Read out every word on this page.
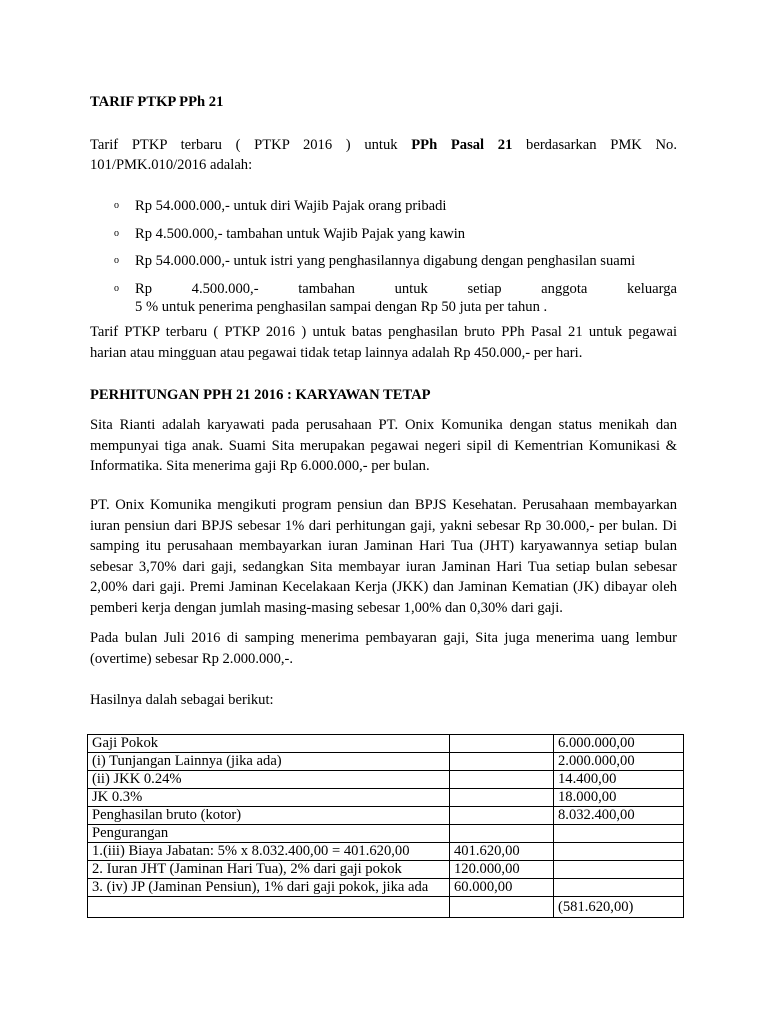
TARIF PTKP PPh 21
Tarif PTKP terbaru ( PTKP 2016 ) untuk PPh Pasal 21 berdasarkan PMK No.
101/PMK.010/2016 adalah:
o Rp 54.000.000,- untuk diri Wajib Pajak orang pribadi
o Rp 4.500.000,- tambahan untuk Wajib Pajak yang kawin
o Rp 54.000.000,- untuk istri yang penghasilannya digabung dengan penghasilan suami
o Rp 4.500.000,- tambahan untuk setiap anggota keluarga
5 % untuk penerima penghasilan sampai dengan Rp 50 juta per tahun .
Tarif PTKP terbaru ( PTKP 2016 ) untuk batas penghasilan bruto PPh Pasal 21 untuk pegawai harian atau mingguan atau pegawai tidak tetap lainnya adalah Rp 450.000,- per hari.
PERHITUNGAN PPH 21 2016 : KARYAWAN TETAP
Sita Rianti adalah karyawati pada perusahaan PT. Onix Komunika dengan status menikah dan mempunyai tiga anak. Suami Sita merupakan pegawai negeri sipil di Kementrian Komunikasi & Informatika. Sita menerima gaji Rp 6.000.000,- per bulan.
PT. Onix Komunika mengikuti program pensiun dan BPJS Kesehatan. Perusahaan membayarkan iuran pensiun dari BPJS sebesar 1% dari perhitungan gaji, yakni sebesar Rp 30.000,- per bulan. Di samping itu perusahaan membayarkan iuran Jaminan Hari Tua (JHT) karyawannya setiap bulan sebesar 3,70% dari gaji, sedangkan Sita membayar iuran Jaminan Hari Tua setiap bulan sebesar 2,00% dari gaji. Premi Jaminan Kecelakaan Kerja (JKK) dan Jaminan Kematian (JK) dibayar oleh pemberi kerja dengan jumlah masing-masing sebesar 1,00% dan 0,30% dari gaji.
Pada bulan Juli 2016 di samping menerima pembayaran gaji, Sita juga menerima uang lembur (overtime) sebesar Rp 2.000.000,-.
Hasilnya dalah sebagai berikut:
Gaji Pokok		6.000.000,00
(i) Tunjangan Lainnya (jika ada)		2.000.000,00
(ii) JKK 0.24%		14.400,00
JK 0.3%		18.000,00
Penghasilan bruto (kotor)		8.032.400,00
Pengurangan		
1.(iii) Biaya Jabatan: 5% x 8.032.400,00 = 401.620,00	401.620,00	
2. Iuran JHT (Jaminan Hari Tua), 2% dari gaji pokok	120.000,00	
3. (iv) JP (Jaminan Pensiun), 1% dari gaji pokok, jika ada	60.000,00	
		(581.620,00)
